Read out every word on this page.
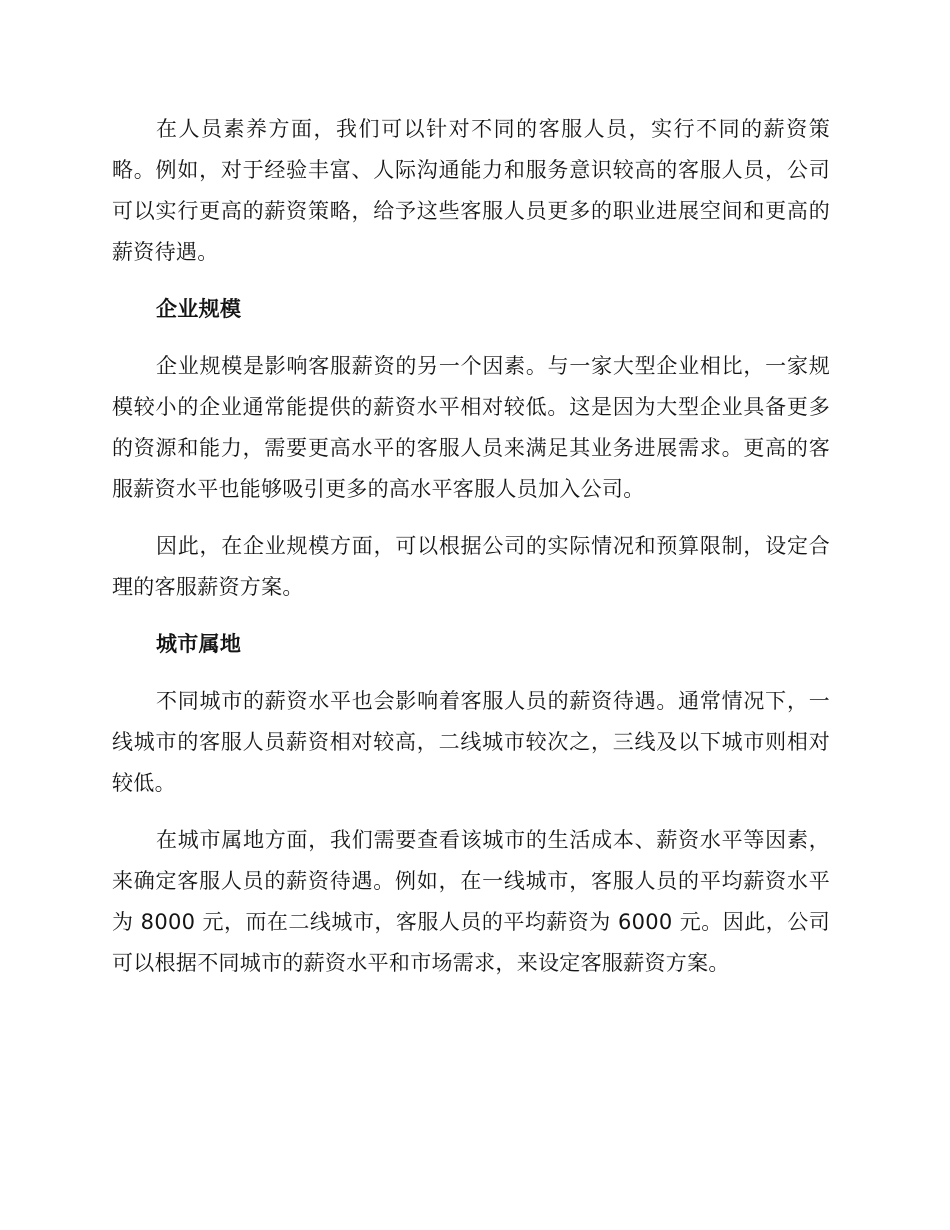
在人员素养方面，我们可以针对不同的客服人员，实行不同的薪资策略。例如，对于经验丰富、人际沟通能力和服务意识较高的客服人员，公司可以实行更高的薪资策略，给予这些客服人员更多的职业进展空间和更高的薪资待遇。

企业规模

企业规模是影响客服薪资的另一个因素。与一家大型企业相比，一家规模较小的企业通常能提供的薪资水平相对较低。这是因为大型企业具备更多的资源和能力，需要更高水平的客服人员来满足其业务进展需求。更高的客服薪资水平也能够吸引更多的高水平客服人员加入公司。

因此，在企业规模方面，可以根据公司的实际情况和预算限制，设定合理的客服薪资方案。

城市属地

不同城市的薪资水平也会影响着客服人员的薪资待遇。通常情况下，一线城市的客服人员薪资相对较高，二线城市较次之，三线及以下城市则相对较低。

在城市属地方面，我们需要查看该城市的生活成本、薪资水平等因素，来确定客服人员的薪资待遇。例如，在一线城市，客服人员的平均薪资水平为 8000 元，而在二线城市，客服人员的平均薪资为 6000 元。因此，公司可以根据不同城市的薪资水平和市场需求，来设定客服薪资方案。
